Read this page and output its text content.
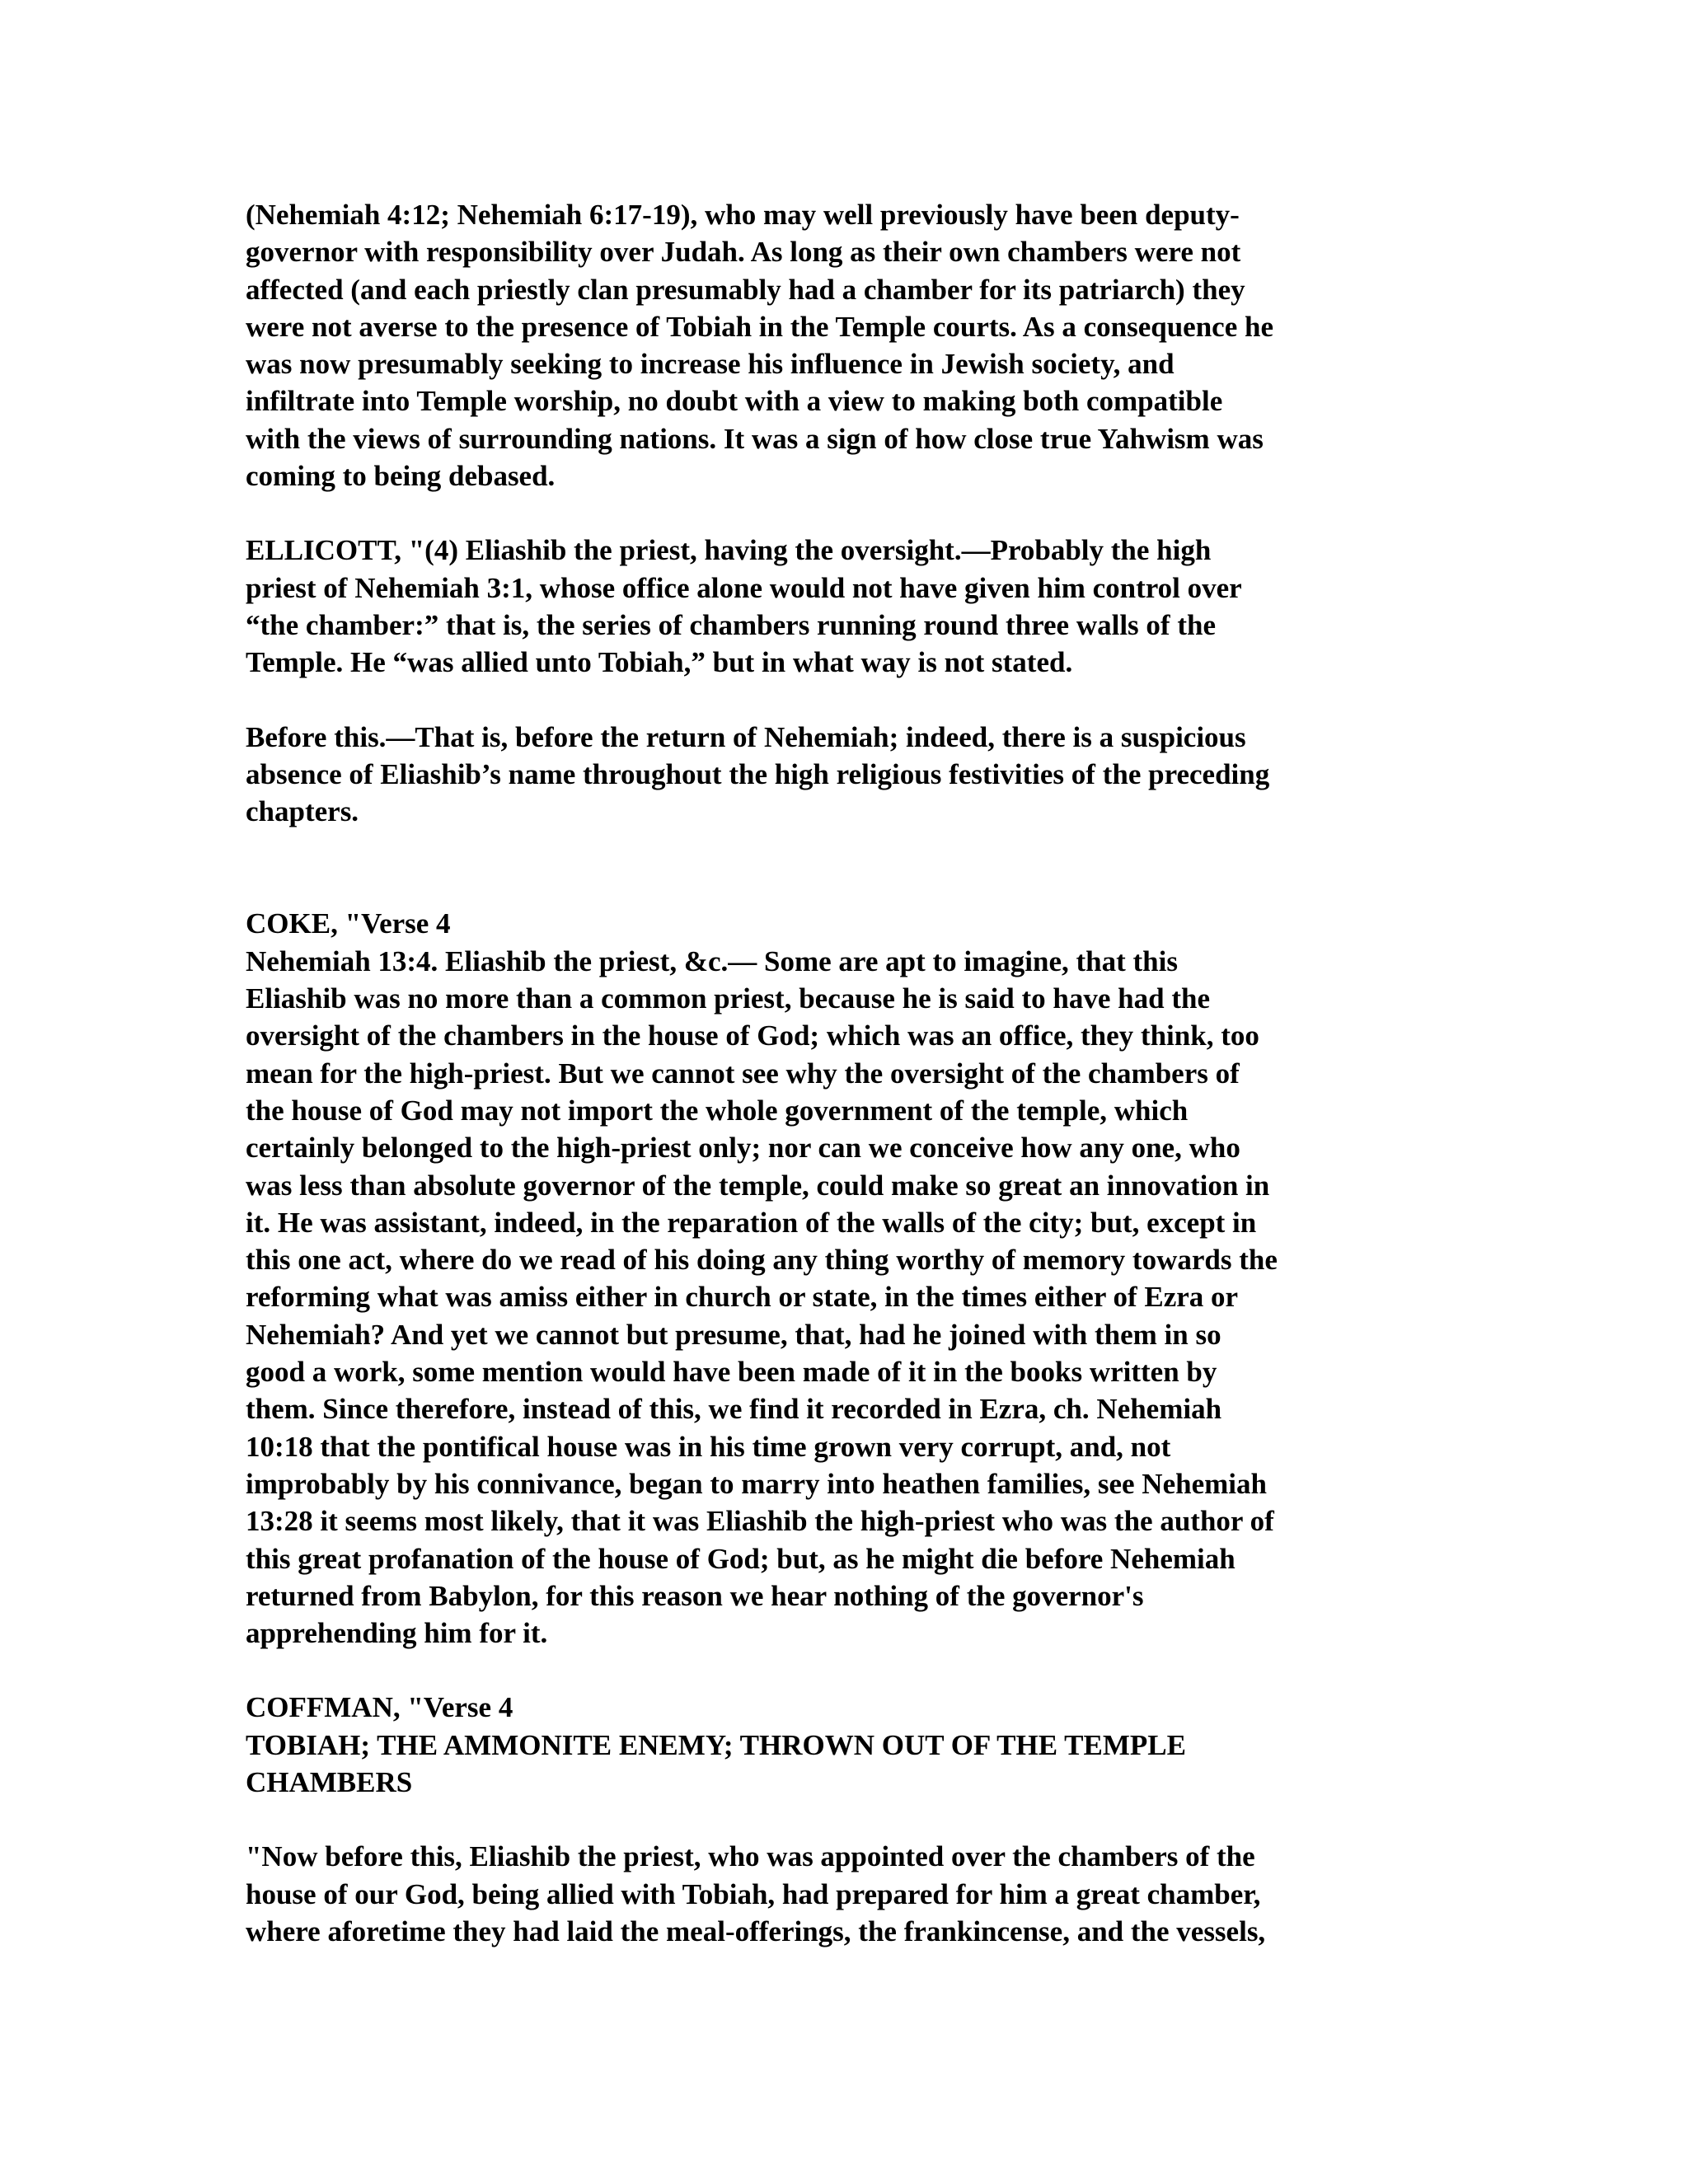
(Nehemiah 4:12; Nehemiah 6:17-19), who may well previously have been deputy-
governor with responsibility over Judah. As long as their own chambers were not
affected (and each priestly clan presumably had a chamber for its patriarch) they
were not averse to the presence of Tobiah in the Temple courts. As a consequence he
was now presumably seeking to increase his influence in Jewish society, and
infiltrate into Temple worship, no doubt with a view to making both compatible
with the views of surrounding nations. It was a sign of how close true Yahwism was
coming to being debased.
ELLICOTT, "(4) Eliashib the priest, having the oversight.—Probably the high
priest of Nehemiah 3:1, whose office alone would not have given him control over
“the chamber:” that is, the series of chambers running round three walls of the
Temple. He “was allied unto Tobiah,” but in what way is not stated.
Before this.—That is, before the return of Nehemiah; indeed, there is a suspicious
absence of Eliashib’s name throughout the high religious festivities of the preceding
chapters.
COKE, "Verse 4
Nehemiah 13:4. Eliashib the priest, &c.— Some are apt to imagine, that this
Eliashib was no more than a common priest, because he is said to have had the
oversight of the chambers in the house of God; which was an office, they think, too
mean for the high-priest. But we cannot see why the oversight of the chambers of
the house of God may not import the whole government of the temple, which
certainly belonged to the high-priest only; nor can we conceive how any one, who
was less than absolute governor of the temple, could make so great an innovation in
it. He was assistant, indeed, in the reparation of the walls of the city; but, except in
this one act, where do we read of his doing any thing worthy of memory towards the
reforming what was amiss either in church or state, in the times either of Ezra or
Nehemiah? And yet we cannot but presume, that, had he joined with them in so
good a work, some mention would have been made of it in the books written by
them. Since therefore, instead of this, we find it recorded in Ezra, ch. Nehemiah
10:18 that the pontifical house was in his time grown very corrupt, and, not
improbably by his connivance, began to marry into heathen families, see Nehemiah
13:28 it seems most likely, that it was Eliashib the high-priest who was the author of
this great profanation of the house of God; but, as he might die before Nehemiah
returned from Babylon, for this reason we hear nothing of the governor's
apprehending him for it.
COFFMAN, "Verse 4
TOBIAH; THE AMMONITE ENEMY; THROWN OUT OF THE TEMPLE
CHAMBERS
"Now before this, Eliashib the priest, who was appointed over the chambers of the
house of our God, being allied with Tobiah, had prepared for him a great chamber,
where aforetime they had laid the meal-offerings, the frankincense, and the vessels,
